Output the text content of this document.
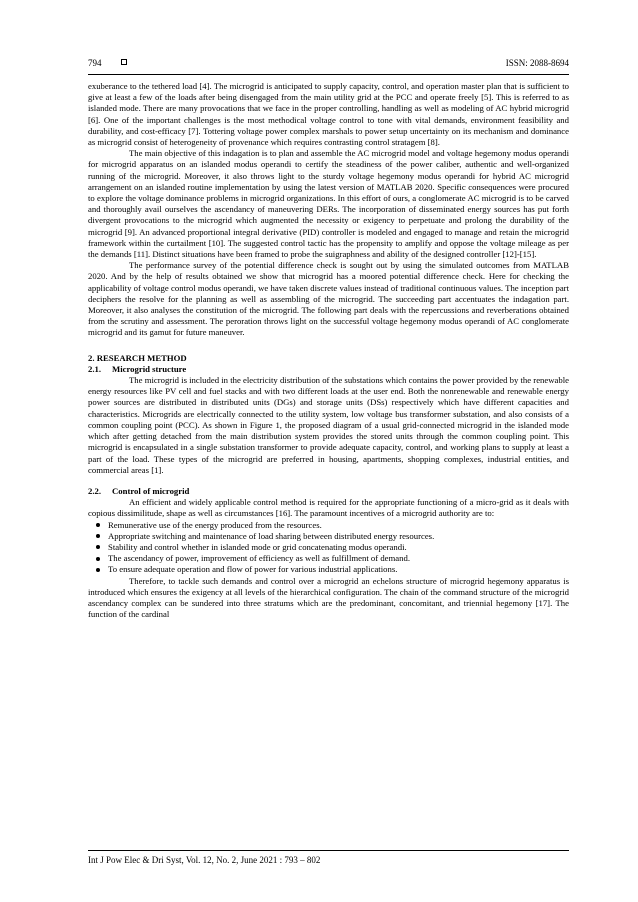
794	ISSN: 2088-8694

exuberance to the tethered load [4]. The microgrid is anticipated to supply capacity, control, and operation master plan that is sufficient to give at least a few of the loads after being disengaged from the main utility grid at the PCC and operate freely [5]. This is referred to as islanded mode. There are many provocations that we face in the proper controlling, handling as well as modeling of AC hybrid microgrid [6]. One of the important challenges is the most methodical voltage control to tone with vital demands, environment feasibility and durability, and cost-efficacy [7]. Tottering voltage power complex marshals to power setup uncertainty on its mechanism and dominance as microgrid consist of heterogeneity of provenance which requires contrasting control stratagem [8].

The main objective of this indagation is to plan and assemble the AC microgrid model and voltage hegemony modus operandi for microgrid apparatus on an islanded modus operandi to certify the steadiness of the power caliber, authentic and well-organized running of the microgrid. Moreover, it also throws light to the sturdy voltage hegemony modus operandi for hybrid AC microgrid arrangement on an islanded routine implementation by using the latest version of MATLAB 2020. Specific consequences were procured to explore the voltage dominance problems in microgrid organizations. In this effort of ours, a conglomerate AC microgrid is to be carved and thoroughly avail ourselves the ascendancy of maneuvering DERs. The incorporation of disseminated energy sources has put forth divergent provocations to the microgrid which augmented the necessity or exigency to perpetuate and prolong the durability of the microgrid [9]. An advanced proportional integral derivative (PID) controller is modeled and engaged to manage and retain the microgrid framework within the curtailment [10]. The suggested control tactic has the propensity to amplify and oppose the voltage mileage as per the demands [11]. Distinct situations have been framed to probe the suigraphness and ability of the designed controller [12]-[15].

The performance survey of the potential difference check is sought out by using the simulated outcomes from MATLAB 2020. And by the help of results obtained we show that microgrid has a moored potential difference check. Here for checking the applicability of voltage control modus operandi, we have taken discrete values instead of traditional continuous values. The inception part deciphers the resolve for the planning as well as assembling of the microgrid. The succeeding part accentuates the indagation part. Moreover, it also analyses the constitution of the microgrid. The following part deals with the repercussions and reverberations obtained from the scrutiny and assessment. The peroration throws light on the successful voltage hegemony modus operandi of AC conglomerate microgrid and its gamut for future maneuver.

2. RESEARCH METHOD
2.1. Microgrid structure

The microgrid is included in the electricity distribution of the substations which contains the power provided by the renewable energy resources like PV cell and fuel stacks and with two different loads at the user end. Both the nonrenewable and renewable energy power sources are distributed in distributed units (DGs) and storage units (DSs) respectively which have different capacities and characteristics. Microgrids are electrically connected to the utility system, low voltage bus transformer substation, and also consists of a common coupling point (PCC). As shown in Figure 1, the proposed diagram of a usual grid-connected microgrid in the islanded mode which after getting detached from the main distribution system provides the stored units through the common coupling point. This microgrid is encapsulated in a single substation transformer to provide adequate capacity, control, and working plans to supply at least a part of the load. These types of the microgrid are preferred in housing, apartments, shopping complexes, industrial entities, and commercial areas [1].

2.2. Control of microgrid

An efficient and widely applicable control method is required for the appropriate functioning of a micro-grid as it deals with copious dissimilitude, shape as well as circumstances [16]. The paramount incentives of a microgrid authority are to:

Remunerative use of the energy produced from the resources.
Appropriate switching and maintenance of load sharing between distributed energy resources.
Stability and control whether in islanded mode or grid concatenating modus operandi.
The ascendancy of power, improvement of efficiency as well as fulfillment of demand.
To ensure adequate operation and flow of power for various industrial applications.

Therefore, to tackle such demands and control over a microgrid an echelons structure of microgrid hegemony apparatus is introduced which ensures the exigency at all levels of the hierarchical configuration. The chain of the command structure of the microgrid ascendancy complex can be sundered into three stratums which are the predominant, concomitant, and triennial hegemony [17]. The function of the cardinal

Int J Pow Elec & Dri Syst, Vol. 12, No. 2, June 2021 : 793 – 802
